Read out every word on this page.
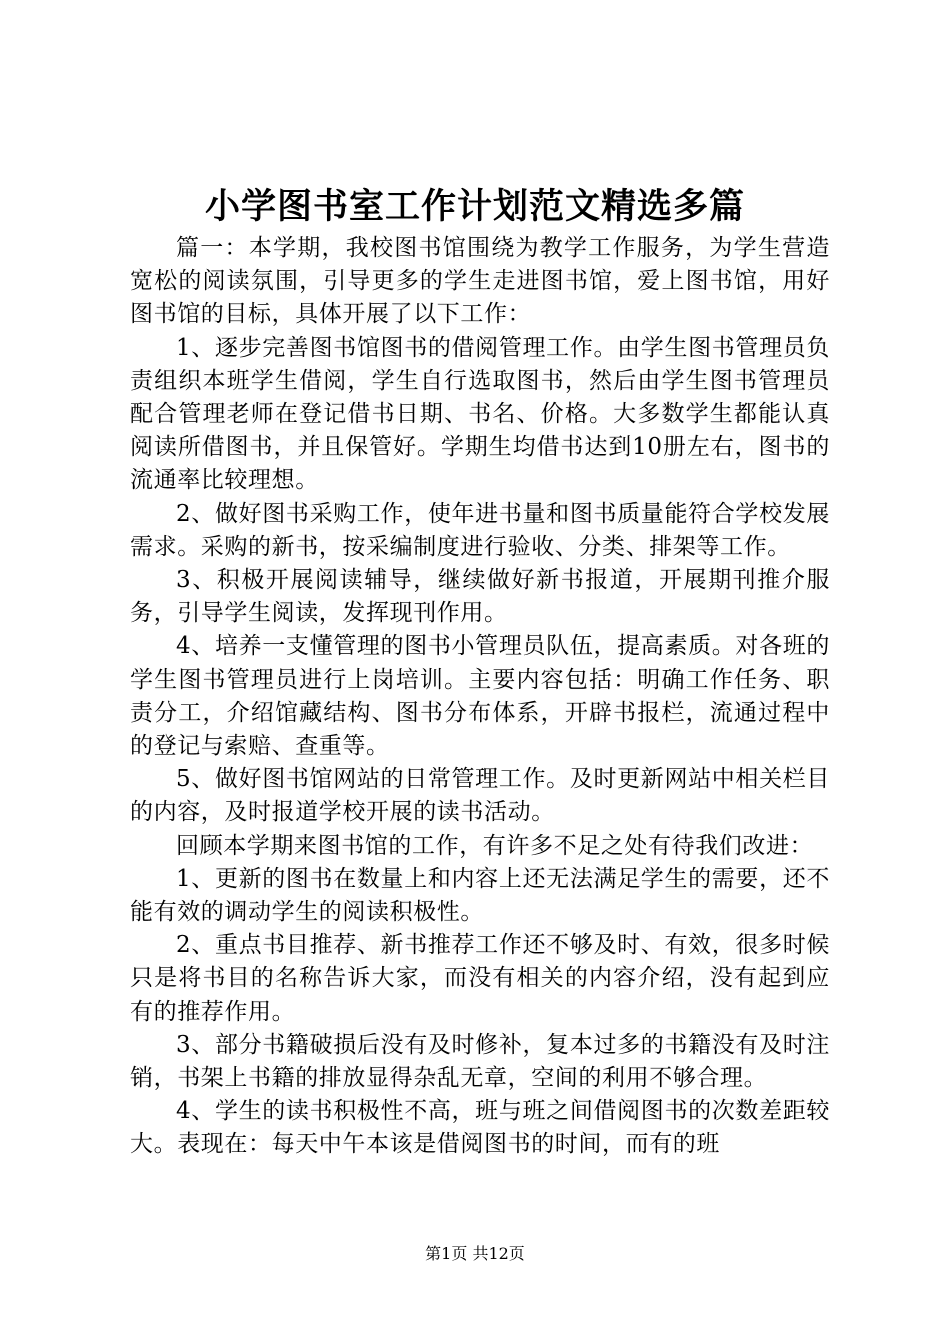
小学图书室工作计划范文精选多篇

篇一：本学期，我校图书馆围绕为教学工作服务，为学生营造宽松的阅读氛围，引导更多的学生走进图书馆，爱上图书馆，用好图书馆的目标，具体开展了以下工作：

1、逐步完善图书馆图书的借阅管理工作。由学生图书管理员负责组织本班学生借阅，学生自行选取图书，然后由学生图书管理员配合管理老师在登记借书日期、书名、价格。大多数学生都能认真阅读所借图书，并且保管好。学期生均借书达到10册左右，图书的流通率比较理想。

2、做好图书采购工作，使年进书量和图书质量能符合学校发展需求。采购的新书，按采编制度进行验收、分类、排架等工作。

3、积极开展阅读辅导，继续做好新书报道，开展期刊推介服务，引导学生阅读，发挥现刊作用。

4、培养一支懂管理的图书小管理员队伍，提高素质。对各班的学生图书管理员进行上岗培训。主要内容包括：明确工作任务、职责分工，介绍馆藏结构、图书分布体系，开辟书报栏，流通过程中的登记与索赔、查重等。

5、做好图书馆网站的日常管理工作。及时更新网站中相关栏目的内容，及时报道学校开展的读书活动。

回顾本学期来图书馆的工作，有许多不足之处有待我们改进：

1、更新的图书在数量上和内容上还无法满足学生的需要，还不能有效的调动学生的阅读积极性。

2、重点书目推荐、新书推荐工作还不够及时、有效，很多时候只是将书目的名称告诉大家，而没有相关的内容介绍，没有起到应有的推荐作用。

3、部分书籍破损后没有及时修补，复本过多的书籍没有及时注销，书架上书籍的排放显得杂乱无章，空间的利用不够合理。

4、学生的读书积极性不高，班与班之间借阅图书的次数差距较大。表现在：每天中午本该是借阅图书的时间，而有的班

第1页 共12页
